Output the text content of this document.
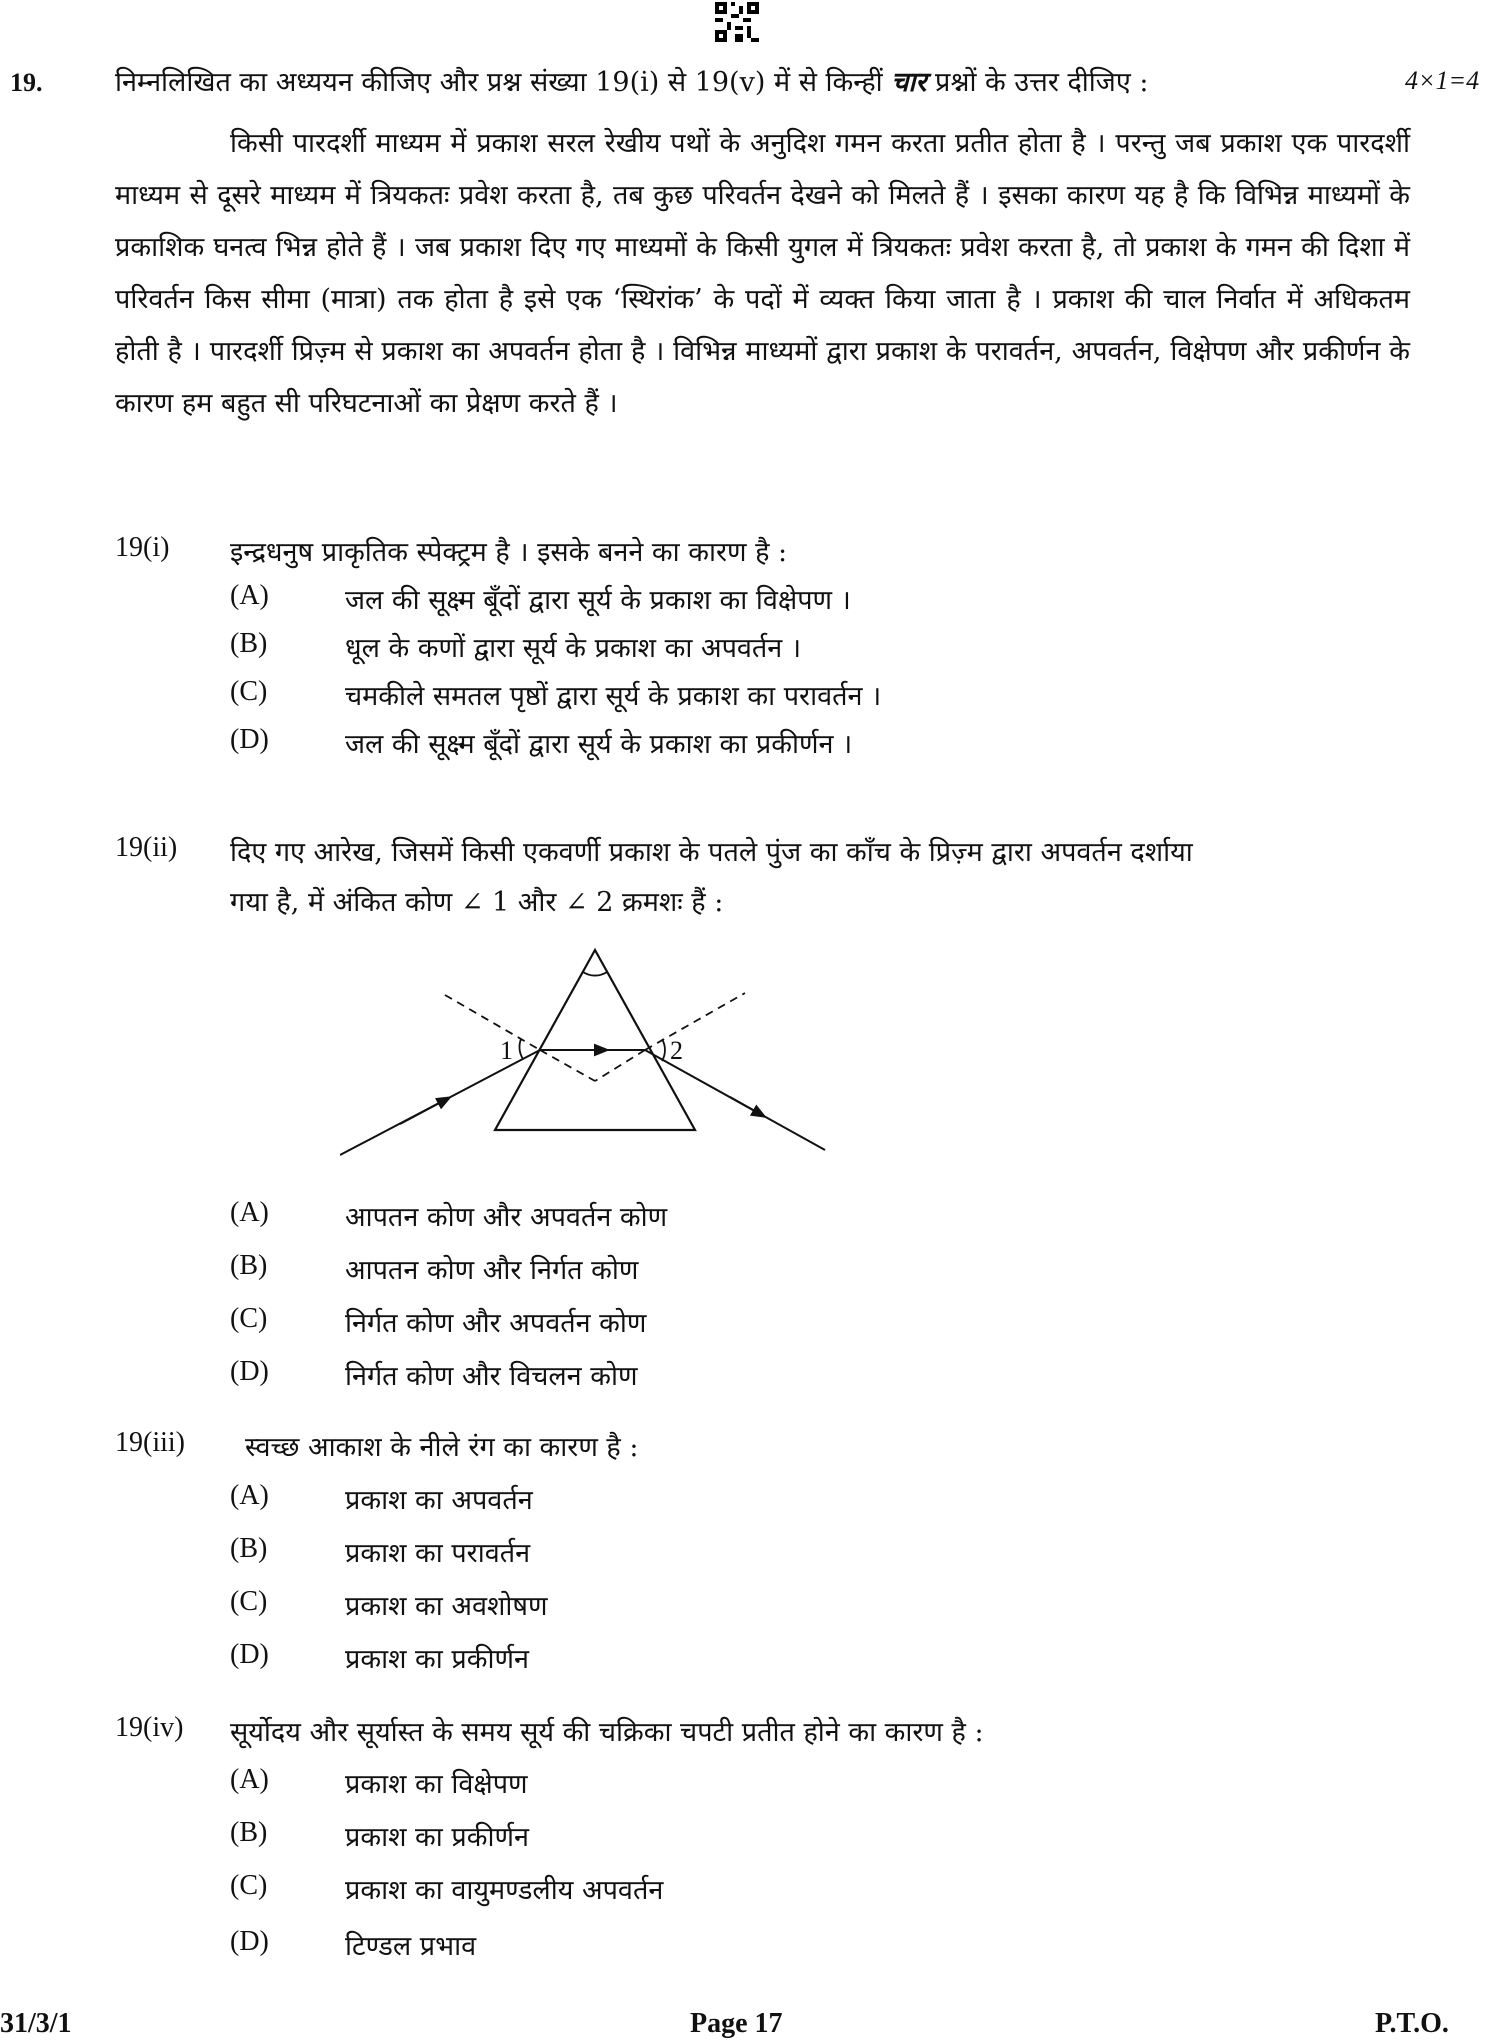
19.	निम्नलिखित का अध्ययन कीजिए और प्रश्न संख्या 19(i) से 19(v) में से किन्हीं चार प्रश्नों के उत्तर दीजिए :	4×1=4
किसी पारदर्शी माध्यम में प्रकाश सरल रेखीय पथों के अनुदिश गमन करता प्रतीत होता है । परन्तु जब प्रकाश एक पारदर्शी माध्यम से दूसरे माध्यम में त्रियकतः प्रवेश करता है, तब कुछ परिवर्तन देखने को मिलते हैं । इसका कारण यह है कि विभिन्न माध्यमों के प्रकाशिक घनत्व भिन्न होते हैं । जब प्रकाश दिए गए माध्यमों के किसी युगल में त्रियकतः प्रवेश करता है, तो प्रकाश के गमन की दिशा में परिवर्तन किस सीमा (मात्रा) तक होता है इसे एक ‘स्थिरांक’ के पदों में व्यक्त किया जाता है । प्रकाश की चाल निर्वात में अधिकतम होती है । पारदर्शी प्रिज़्म से प्रकाश का अपवर्तन होता है । विभिन्न माध्यमों द्वारा प्रकाश के परावर्तन, अपवर्तन, विक्षेपण और प्रकीर्णन के कारण हम बहुत सी परिघटनाओं का प्रेक्षण करते हैं ।
19(i) इन्द्रधनुष प्राकृतिक स्पेक्ट्रम है । इसके बनने का कारण है :
(A)	जल की सूक्ष्म बूँदों द्वारा सूर्य के प्रकाश का विक्षेपण ।
(B)	धूल के कणों द्वारा सूर्य के प्रकाश का अपवर्तन ।
(C)	चमकीले समतल पृष्ठों द्वारा सूर्य के प्रकाश का परावर्तन ।
(D)	जल की सूक्ष्म बूँदों द्वारा सूर्य के प्रकाश का प्रकीर्णन ।
19(ii) दिए गए आरेख, जिसमें किसी एकवर्णी प्रकाश के पतले पुंज का काँच के प्रिज़्म द्वारा अपवर्तन दर्शाया
गया है, में अंकित कोण ∠ 1 और ∠ 2 क्रमशः हैं :
1	2
(A)	आपतन कोण और अपवर्तन कोण
(B)	आपतन कोण और निर्गत कोण
(C)	निर्गत कोण और अपवर्तन कोण
(D)	निर्गत कोण और विचलन कोण
19(iii) स्वच्छ आकाश के नीले रंग का कारण है :
(A)	प्रकाश का अपवर्तन
(B)	प्रकाश का परावर्तन
(C)	प्रकाश का अवशोषण
(D)	प्रकाश का प्रकीर्णन
19(iv) सूर्योदय और सूर्यास्त के समय सूर्य की चक्रिका चपटी प्रतीत होने का कारण है :
(A)	प्रकाश का विक्षेपण
(B)	प्रकाश का प्रकीर्णन
(C)	प्रकाश का वायुमण्डलीय अपवर्तन
(D)	टिण्डल प्रभाव
31/3/1	Page 17	P.T.O.
